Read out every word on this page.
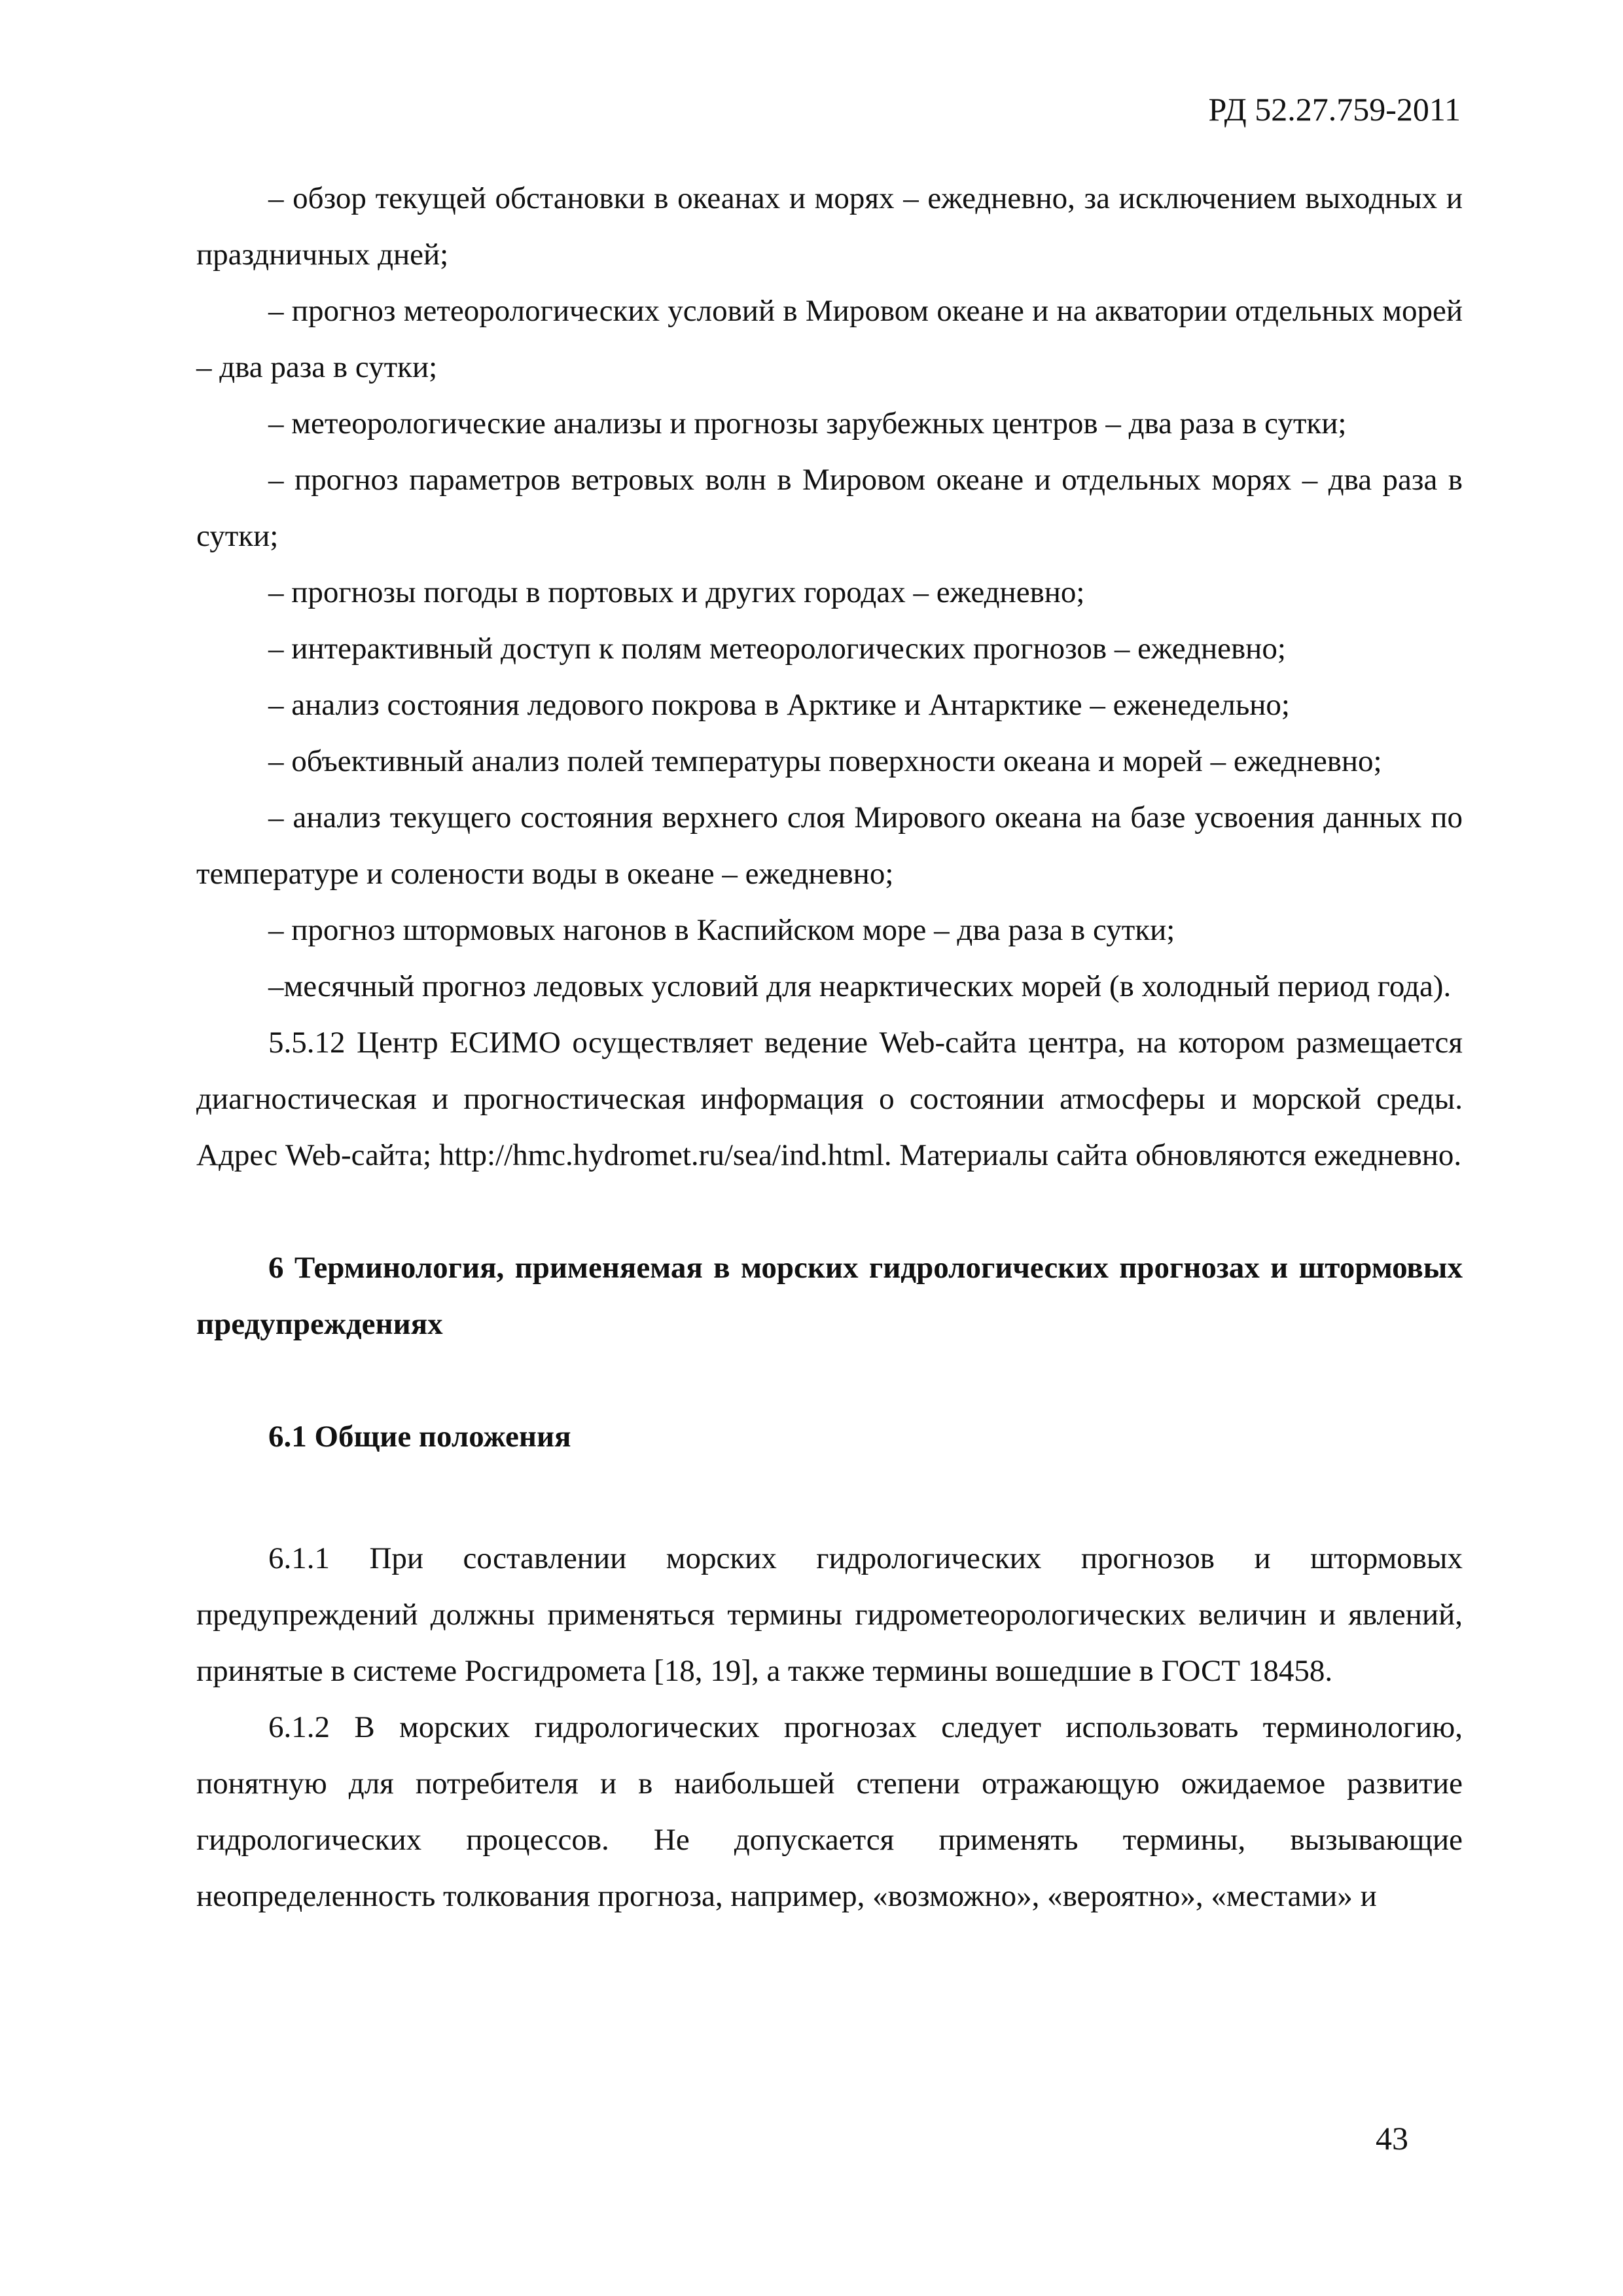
РД 52.27.759-2011

– обзор текущей обстановки в океанах и морях – ежедневно, за исключением выходных и праздничных дней;

– прогноз метеорологических условий в Мировом океане и на акватории отдельных морей – два раза в сутки;

– метеорологические анализы и прогнозы зарубежных центров – два раза в сутки;

– прогноз параметров ветровых волн в Мировом океане и отдельных морях – два раза в сутки;

– прогнозы погоды в портовых и других городах – ежедневно;

– интерактивный доступ к полям метеорологических прогнозов – ежедневно;

– анализ состояния ледового покрова в Арктике и Антарктике – еженедельно;

– объективный анализ полей температуры поверхности океана и морей – ежедневно;

– анализ текущего состояния верхнего слоя Мирового океана на базе усвоения данных по температуре и солености воды в океане – ежедневно;

– прогноз штормовых нагонов в Каспийском море – два раза в сутки;

–месячный прогноз ледовых условий для неарктических морей (в холодный период года).

5.5.12 Центр ЕСИМО осуществляет ведение Web-сайта центра, на котором размещается диагностическая и прогностическая информация о состоянии атмосферы и морской среды. Адрес Web-сайта; http://hmc.hydromet.ru/sea/ind.html. Материалы сайта обновляются ежедневно.

6 Терминология, применяемая в морских гидрологических прогнозах и штормовых предупреждениях

6.1 Общие положения

6.1.1 При составлении морских гидрологических прогнозов и штормовых предупреждений должны применяться термины гидрометеорологических величин и явлений, принятые в системе Росгидромета [18, 19], а также термины вошедшие в ГОСТ 18458.

6.1.2 В морских гидрологических прогнозах следует использовать терминологию, понятную для потребителя и в наибольшей степени отражающую ожидаемое развитие гидрологических процессов. Не допускается применять термины, вызывающие неопределенность толкования прогноза, например, «возможно», «вероятно», «местами» и

43
